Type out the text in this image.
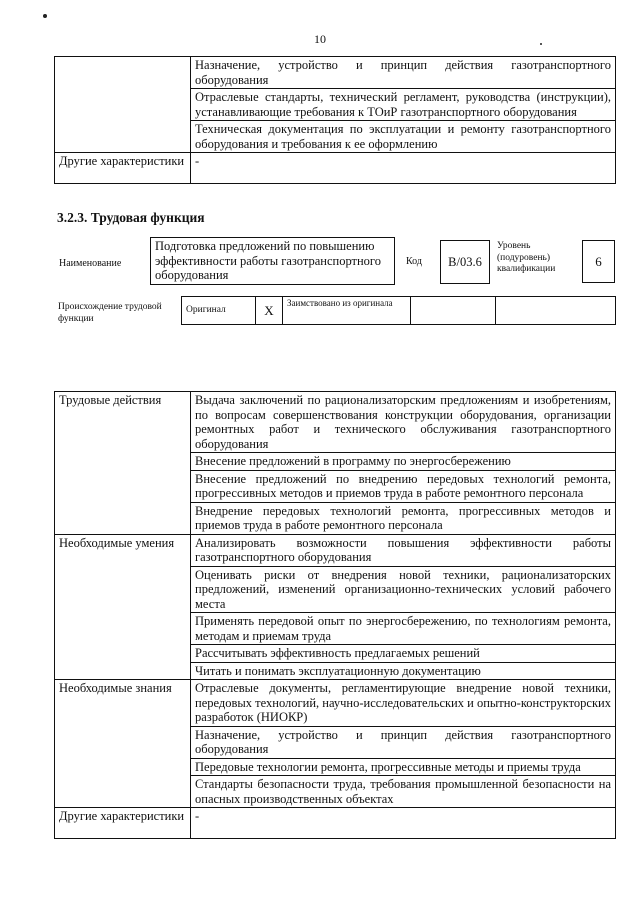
10
	Назначение, устройство и принцип действия газотранспортного оборудования
	Отраслевые стандарты, технический регламент, руководства (инструкции), устанавливающие требования к ТОиР газотранспортного оборудования
	Техническая документация по эксплуатации и ремонту газотранспортного оборудования и требования к ее оформлению
Другие характеристики	-
3.2.3. Трудовая функция
Наименование
Подготовка предложений по повышению эффективности работы газотранспортного оборудования
Код	B/03.6
Уровень (подуровень) квалификации	6
Происхождение трудовой функции
Оригинал	X	Заимствовано из оригинала		
Трудовые действия	Выдача заключений по рационализаторским предложениям и изобретениям, по вопросам совершенствования конструкции оборудования, организации ремонтных работ и технического обслуживания газотранспортного оборудования
	Внесение предложений в программу по энергосбережению
	Внесение предложений по внедрению передовых технологий ремонта, прогрессивных методов и приемов труда в работе ремонтного персонала
	Внедрение передовых технологий ремонта, прогрессивных методов и приемов труда в работе ремонтного персонала
Необходимые умения	Анализировать возможности повышения эффективности работы газотранспортного оборудования
	Оценивать риски от внедрения новой техники, рационализаторских предложений, изменений организационно-технических условий рабочего места
	Применять передовой опыт по энергосбережению, по технологиям ремонта, методам и приемам труда
	Рассчитывать эффективность предлагаемых решений
	Читать и понимать эксплуатационную документацию
Необходимые знания	Отраслевые документы, регламентирующие внедрение новой техники, передовых технологий, научно-исследовательских и опытно-конструкторских разработок (НИОКР)
	Назначение, устройство и принцип действия газотранспортного оборудования
	Передовые технологии ремонта, прогрессивные методы и приемы труда
	Стандарты безопасности труда, требования промышленной безопасности на опасных производственных объектах
Другие характеристики	-
